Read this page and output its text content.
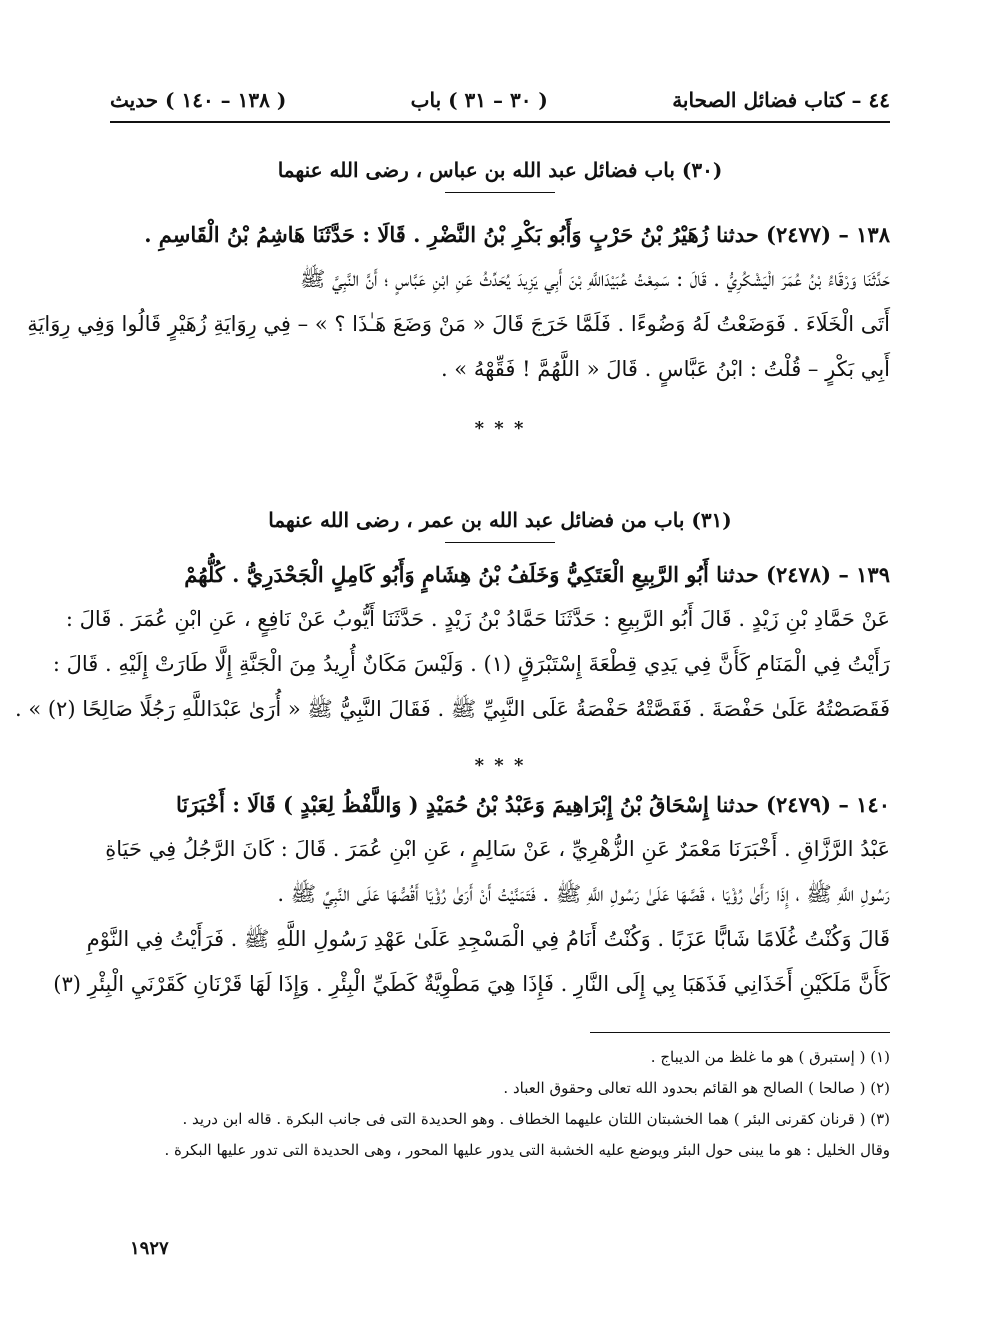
٤٤ – كتاب فضائل الصحابة
( ٣٠ – ٣١ ) باب
( ١٣٨ – ١٤٠ ) حديث
(٣٠) باب فضائل عبد الله بن عباس ، رضى الله عنهما
١٣٨ – (٢٤٧٧) حدثنا زُهَيْرُ بْنُ حَرْبٍ وَأَبُو بَكْرِ بْنُ النَّضْرِ . قَالَا : حَدَّثَنَا هَاشِمُ بْنُ الْقَاسِمِ .
حَدَّثَنَا وَرْقَاءُ بْنُ عُمَرَ الْيَشْكُرِيُّ . قَالَ : سَمِعْتُ عُبَيْدَاللَّهِ بْنَ أَبِي يَزِيدَ يُحَدِّثُ عَنِ ابْنِ عَبَّاسٍ ؛ أَنَّ النَّبِيَّ ﷺ
أَتَى الْخَلَاءَ . فَوَضَعْتُ لَهُ وَضُوءًا . فَلَمَّا خَرَجَ قَالَ « مَنْ وَضَعَ هَـٰذَا ؟ » – فِي رِوَايَةِ زُهَيْرٍ قَالُوا وَفِي رِوَايَةِ
أَبِي بَكْرٍ – قُلْتُ : ابْنُ عَبَّاسٍ . قَالَ « اللَّهُمَّ ! فَقِّهْهُ » .
* * *
(٣١) باب من فضائل عبد الله بن عمر ، رضى الله عنهما
١٣٩ – (٢٤٧٨) حدثنا أَبُو الرَّبِيعِ الْعَتَكِيُّ وَخَلَفُ بْنُ هِشَامٍ وَأَبُو كَامِلٍ الْجَحْدَرِيُّ . كُلُّهُمْ
عَنْ حَمَّادِ بْنِ زَيْدٍ . قَالَ أَبُو الرَّبِيعِ : حَدَّثَنَا حَمَّادُ بْنُ زَيْدٍ . حَدَّثَنَا أَيُّوبُ عَنْ نَافِعٍ ، عَنِ ابْنِ عُمَرَ . قَالَ :
رَأَيْتُ فِي الْمَنَامِ كَأَنَّ فِي يَدِي قِطْعَةَ إِسْتَبْرَقٍ (١) . وَلَيْسَ مَكَانٌ أُرِيدُ مِنَ الْجَنَّةِ إِلَّا طَارَتْ إِلَيْهِ . قَالَ :
فَقَصَصْتُهُ عَلَىٰ حَفْصَةَ . فَقَصَّتْهُ حَفْصَةُ عَلَى النَّبِيِّ ﷺ . فَقَالَ النَّبِيُّ ﷺ « أُرَىٰ عَبْدَاللَّهِ رَجُلًا صَالِحًا (٢) » .
* * *
١٤٠ – (٢٤٧٩) حدثنا إِسْحَاقُ بْنُ إِبْرَاهِيمَ وَعَبْدُ بْنُ حُمَيْدٍ ( وَاللَّفْظُ لِعَبْدٍ ) قَالَا : أَخْبَرَنَا
عَبْدُ الرَّزَّاقِ . أَخْبَرَنَا مَعْمَرٌ عَنِ الزُّهْرِيِّ ، عَنْ سَالِمٍ ، عَنِ ابْنِ عُمَرَ . قَالَ : كَانَ الرَّجُلُ فِي حَيَاةِ
رَسُولِ اللَّهِ ﷺ ، إِذَا رَأَىٰ رُؤْيَا ، قَصَّهَا عَلَىٰ رَسُولِ اللَّهِ ﷺ . فَتَمَنَّيْتُ أَنْ أَرَىٰ رُؤْيَا أَقُصُّهَا عَلَى النَّبِيِّ ﷺ .
قَالَ وَكُنْتُ غُلَامًا شَابًّا عَزَبًا . وَكُنْتُ أَنَامُ فِي الْمَسْجِدِ عَلَىٰ عَهْدِ رَسُولِ اللَّهِ ﷺ . فَرَأَيْتُ فِي النَّوْمِ
كَأَنَّ مَلَكَيْنِ أَخَذَانِي فَذَهَبَا بِي إِلَى النَّارِ . فَإِذَا هِيَ مَطْوِيَّةٌ كَطَيِّ الْبِئْرِ . وَإِذَا لَهَا قَرْنَانِ كَقَرْنَيِ الْبِئْرِ (٣)
(١) ( إستبرق ) هو ما غلظ من الديباج .
(٢) ( صالحا ) الصالح هو القائم بحدود الله تعالى وحقوق العباد .
(٣) ( قرنان كقرنى البئر ) هما الخشبتان اللتان عليهما الخطاف . وهو الحديدة التى فى جانب البكرة . قاله ابن دريد .
وقال الخليل : هو ما يبنى حول البئر ويوضع عليه الخشبة التى يدور عليها المحور ، وهى الحديدة التى تدور عليها البكرة .
١٩٢٧
